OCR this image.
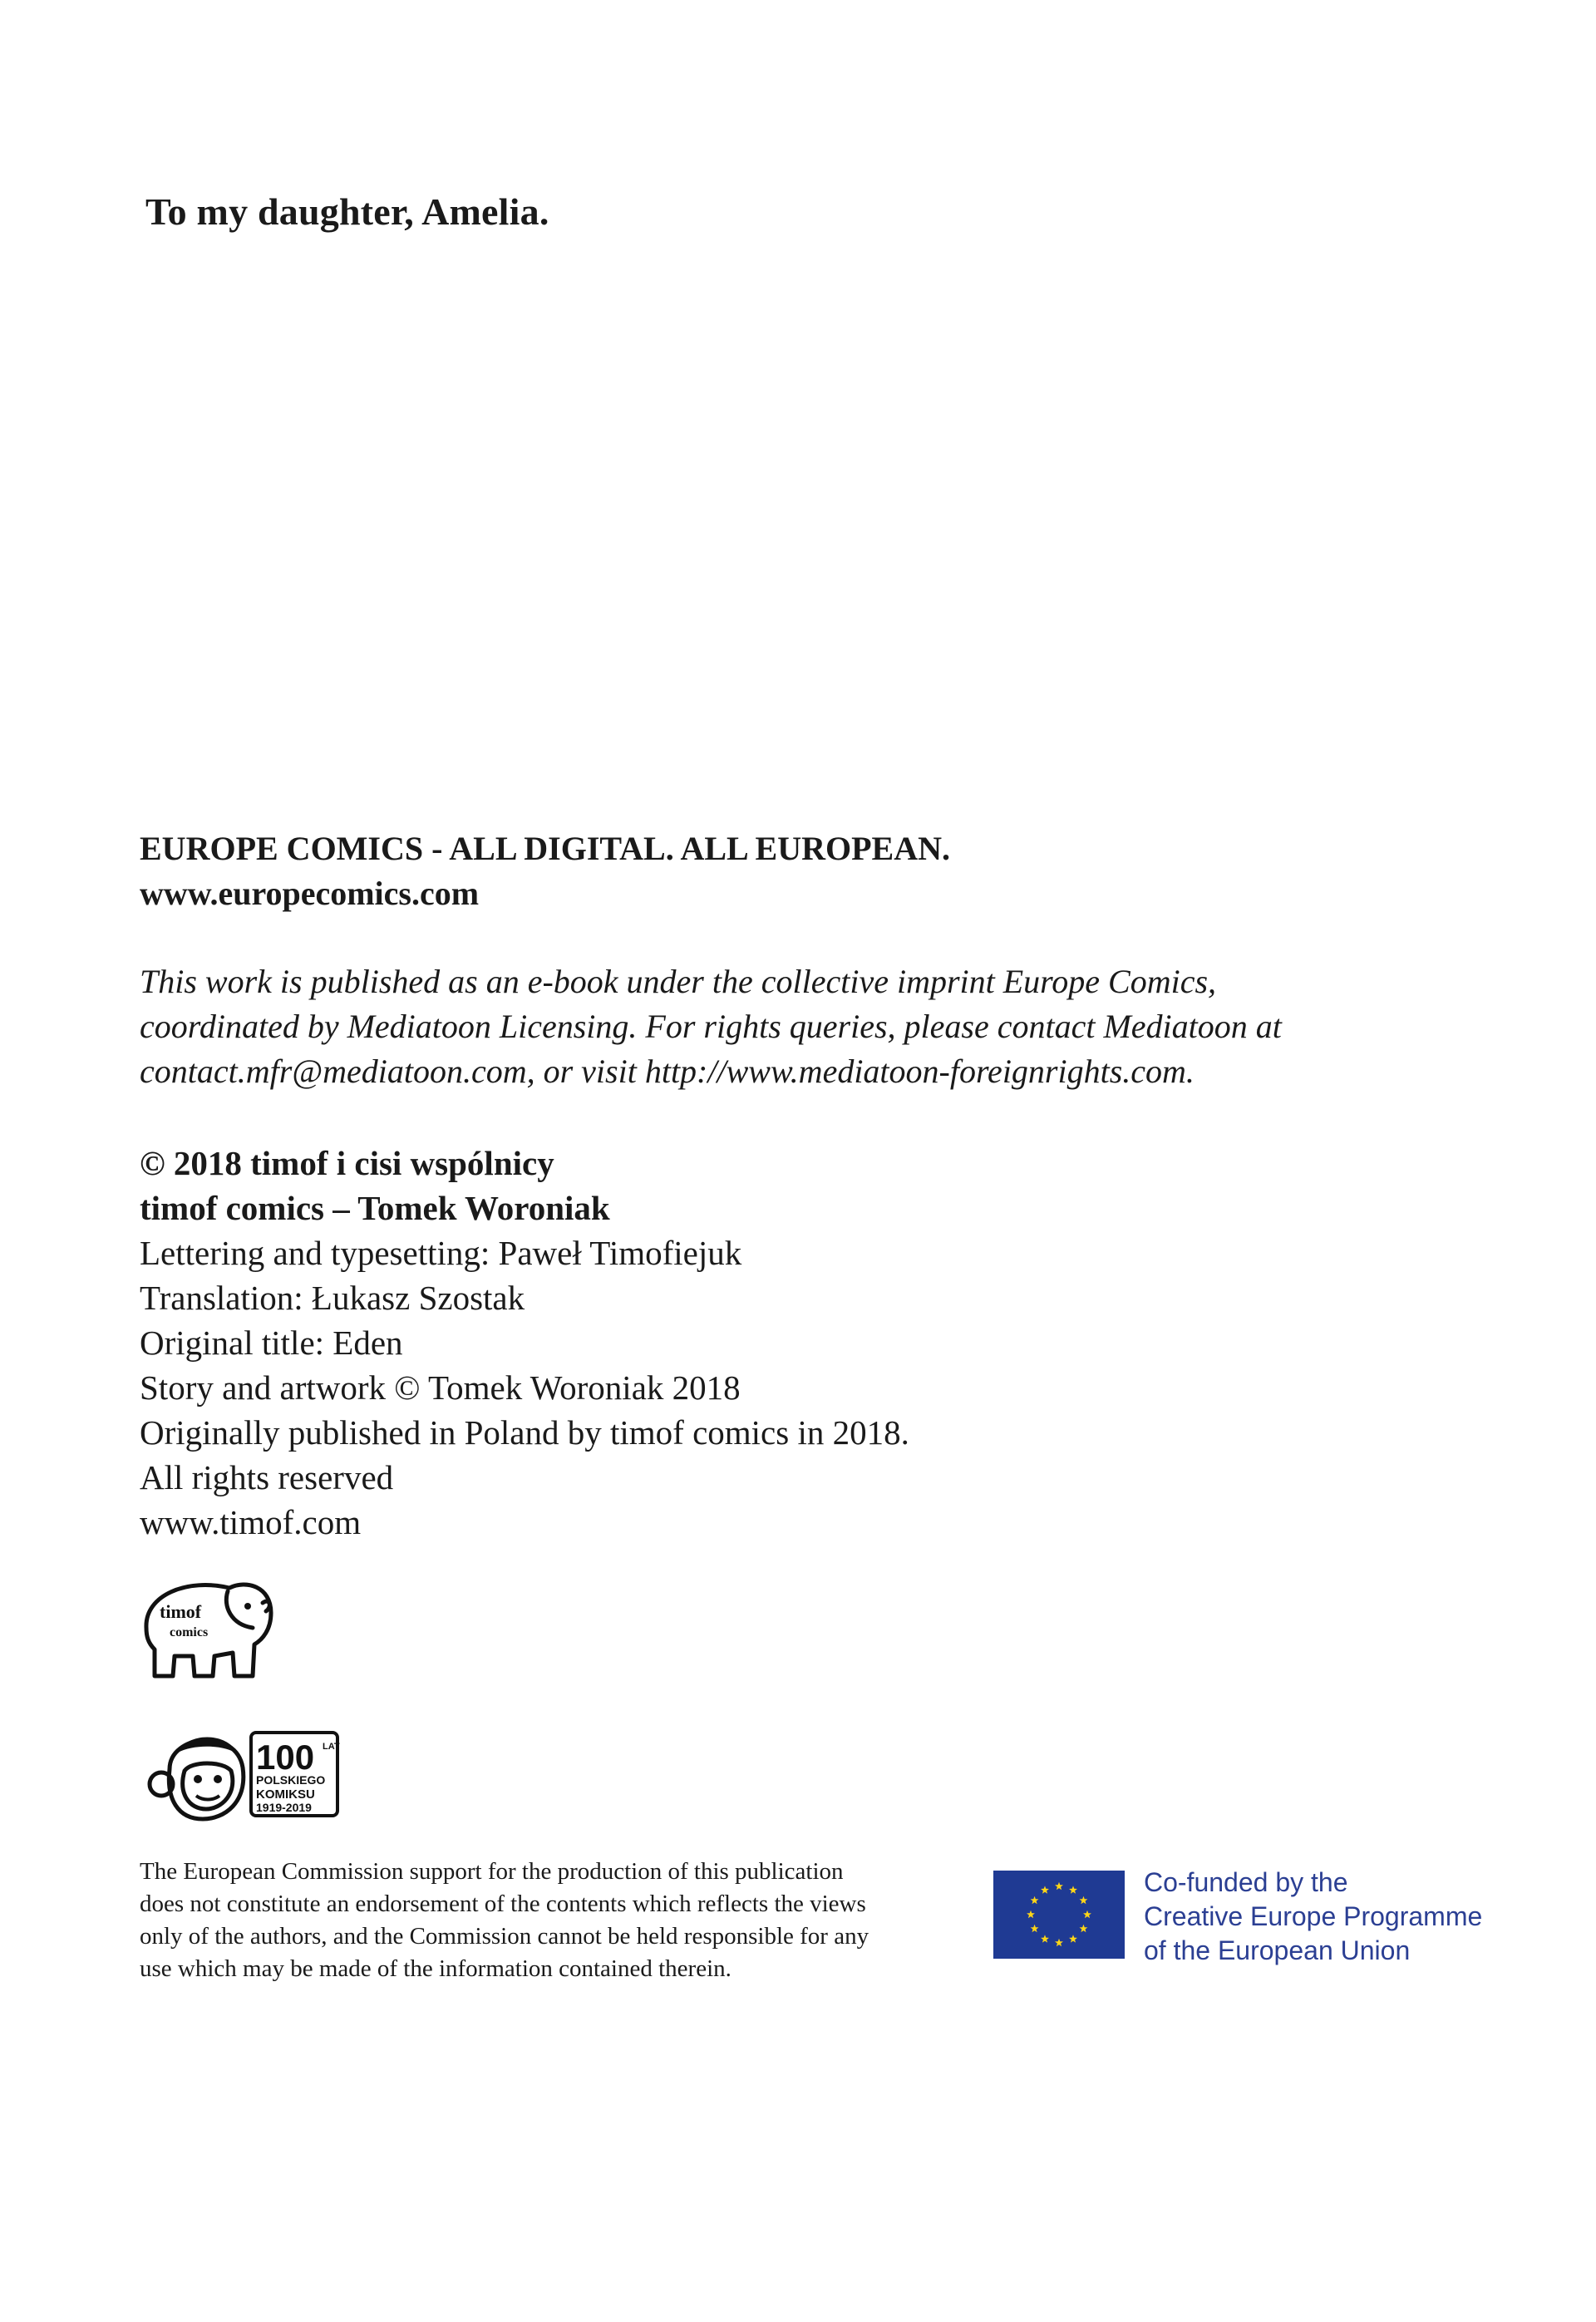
To my daughter, Amelia.
EUROPE COMICS - ALL DIGITAL. ALL EUROPEAN.
www.europecomics.com
This work is published as an e-book under the collective imprint Europe Comics,
coordinated by Mediatoon Licensing. For rights queries, please contact Mediatoon at
contact.mfr@mediatoon.com, or visit http://www.mediatoon-foreignrights.com.
© 2018 timof i cisi wspólnicy
timof comics – Tomek Woroniak
Lettering and typesetting: Paweł Timofiejuk
Translation: Łukasz Szostak
Original title: Eden
Story and artwork © Tomek Woroniak 2018
Originally published in Poland by timof comics in 2018.
All rights reserved
www.timof.com
timof
comics
100 LAT
POLSKIEGO
KOMIKSU
1919-2019
The European Commission support for the production of this publication
does not constitute an endorsement of the contents which reflects the views
only of the authors, and the Commission cannot be held responsible for any
use which may be made of the information contained therein.
Co-funded by the
Creative Europe Programme
of the European Union
